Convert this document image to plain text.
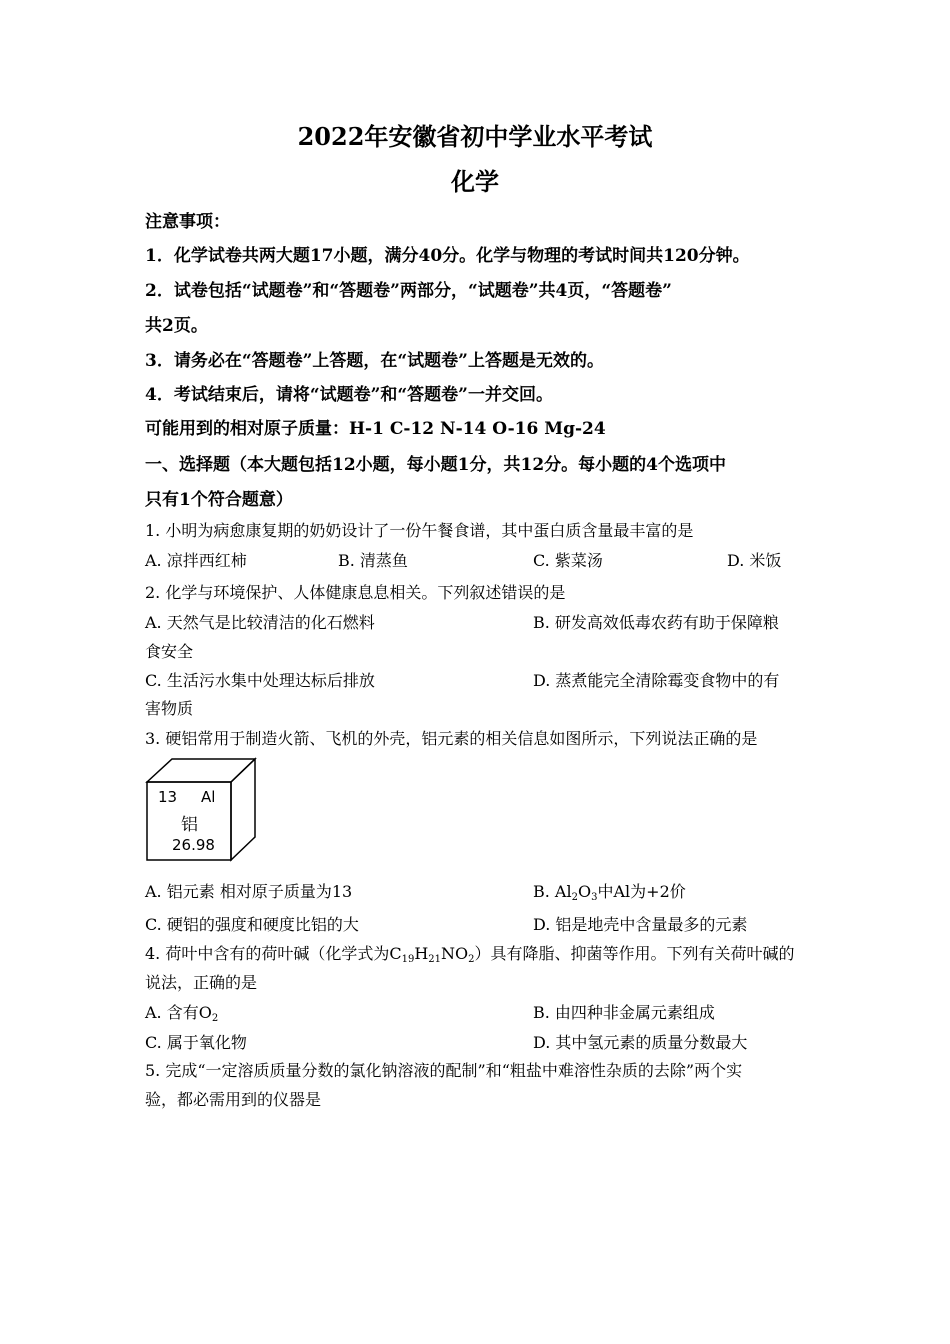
2022年安徽省初中学业水平考试
化学
注意事项：
1．化学试卷共两大题17小题，满分40分。化学与物理的考试时间共120分钟。
2．试卷包括“试题卷”和“答题卷”两部分，“试题卷”共4页，“答题卷”
共2页。
3．请务必在“答题卷”上答题，在“试题卷”上答题是无效的。
4．考试结束后，请将“试题卷”和“答题卷”一并交回。
可能用到的相对原子质量：H-1 C-12 N-14 O-16 Mg-24
一、选择题（本大题包括12小题，每小题1分，共12分。每小题的4个选项中
只有1个符合题意）
1. 小明为病愈康复期的奶奶设计了一份午餐食谱，其中蛋白质含量最丰富的是
A. 凉拌西红柿	B. 清蒸鱼	C. 紫菜汤	D. 米饭
2. 化学与环境保护、人体健康息息相关。下列叙述错误的是
A. 天然气是比较清洁的化石燃料	B. 研发高效低毒农药有助于保障粮
食安全
C. 生活污水集中处理达标后排放	D. 蒸煮能完全清除霉变食物中的有
害物质
3. 硬铝常用于制造火箭、飞机的外壳，铝元素的相关信息如图所示，下列说法正确的是
13 Al
铝
26.98
A. 铝元素 相对原子质量为13	B. $Al_2O_3$中Al为+2价
C. 硬铝的强度和硬度比铝的大	D. 铝是地壳中含量最多的元素
4. 荷叶中含有的荷叶碱（化学式为$C_{19}H_{21}NO_2$）具有降脂、抑菌等作用。下列有关荷叶碱的
说法，正确的是
A. 含有$O_2$	B. 由四种非金属元素组成
C. 属于氧化物	D. 其中氢元素的质量分数最大
5. 完成“一定溶质质量分数的氯化钠溶液的配制”和“粗盐中难溶性杂质的去除”两个实
验，都必需用到的仪器是
